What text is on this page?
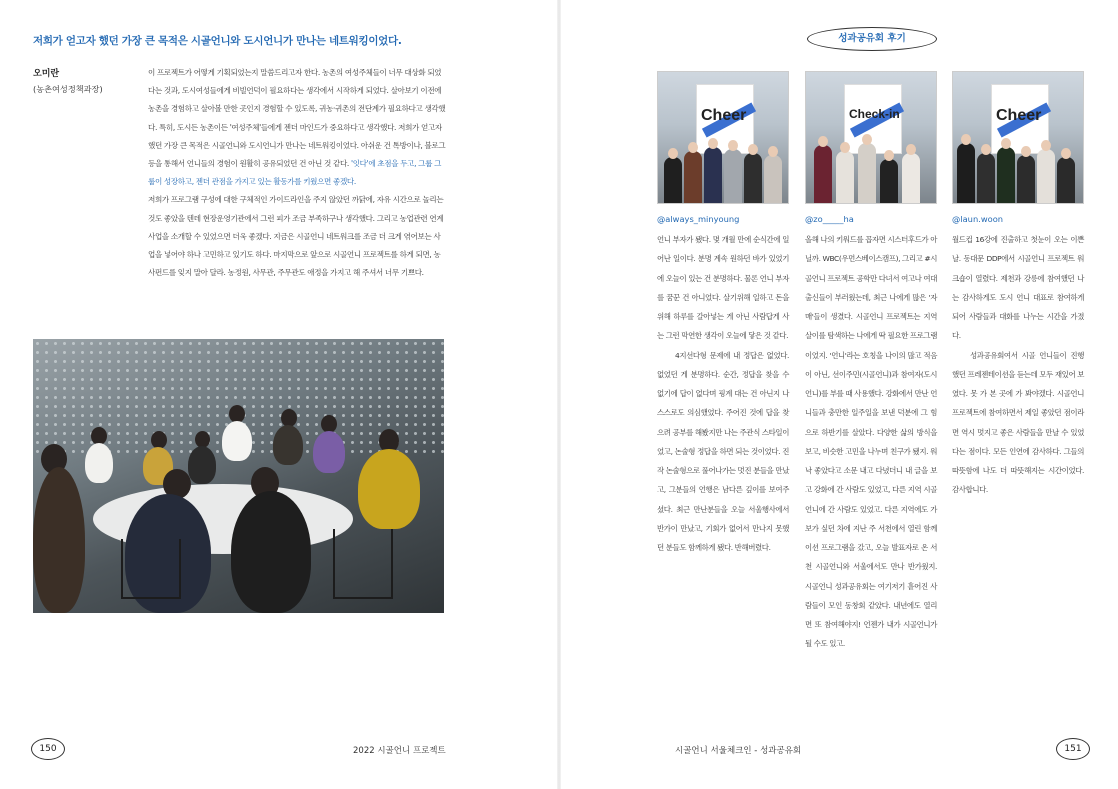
저희가 얻고자 했던 가장 큰 목적은 시골언니와 도시언니가 만나는 네트워킹이었다.
오미란
(농촌여성정책과장)

이 프로젝트가 어떻게 기획되었는지 말씀드리고자 한다. 농촌의 여성주체들이 너무 대상화 되었다는 것과, 도시여성들에게 비빌언덕이 필요하다는 생각에서 시작하게 되었다. 살아보기 이전에 농촌을 경험하고 살아볼 만한 곳인지 경험할 수 있도록, 귀농·귀촌의 전단계가 필요하다고 생각했다. 특히, 도시든 농촌이든 '여성주체'들에게 젠더 마인드가 중요하다고 생각했다. 저희가 얻고자 했던 가장 큰 목적은 시골언니와 도시언니가 만나는 네트워킹이었다. 아쉬운 건 톡방이나, 블로그 등을 통해서 언니들의 경험이 원활히 공유되었던 건 아닌 것 같다. '잇다'에 초점을 두고, 그룹 그룹이 성장하고, 젠더 관점을 가지고 있는 활동가를 키웠으면 좋겠다.

저희가 프로그램 구성에 대한 구체적인 가이드라인을 주지 않았던 까닭에, 자유 시간으로 놀리는 것도 좋았을 텐데 현장운영기관에서 그런 피가 조금 부족하구나 생각했다. 그리고 농업관련 연계 사업을 소개할 수 있었으면 더욱 좋겠다. 지금은 시골언니 네트워크를 조금 더 크게 엮어보는 사업을 넣어야 하나 고민하고 있기도 하다. 마지막으로 앞으로 시골언니 프로젝트를 하게 되면, 농사펀드를 잊지 말아 달라. 농정원, 사무관, 주무관도 애정을 가지고 해 주셔서 너무 기쁘다.

150	2022 시골언니 프로젝트
성과공유회 후기
Cheer
@always_minyoung
언니 부자가 됐다. 몇 개월 만에 순식간에 일어난 일이다. 분명 계속 원하던 바가 있었기에 오늘이 있는 건 분명하다. 물론 언니 부자를 꿈꾼 건 아니었다. 살기위해 일하고 돈을 위해 하루를 갈아넣는 게 아닌 사람답게 사는 그런 막연한 생각이 오늘에 닿은 것 같다.
4지선다형 문제에 내 정답은 없었다. 없었던 게 분명하다. 순간, 정답을 찾을 수 없기에 답이 없다며 핑계 대는 건 아닌지 나 스스로도 의심했었다. 주어진 것에 답을 찾으려 공부를 해봤지만 나는 주관식 스타일이었고, 논술형 정답을 하면 되는 것이었다. 진작 논술형으로 풀어나가는 멋진 분들을 만났고, 그분들의 언행은 남다른 깊이를 보여주셨다. 최근 만난분들을 오늘 서울행사에서 반가이 만났고, 기회가 없어서 만나지 못했던 분들도 함께하게 됐다. 반해버렸다.
Check-in
@zo_____ha
올해 나의 키워드를 꼽자면 시스터후드가 아닐까. WBC(우먼스베이스캠프), 그리고 #시골언니 프로젝트 공학만 다녀서 여고나 여대 출신들이 부러웠는데, 최근 나에게 많은 '자매'들이 생겼다. 시골언니 프로젝트는 지역살이를 탐색하는 나에게 딱 필요한 프로그램이었지. '언니'라는 호칭을 나이의 많고 적음이 아닌, 선이주민(시골언니)과 참여자(도시언니)를 부를 때 사용했다. 강화에서 만난 언니들과 충만한 일주일을 보낸 덕분에 그 힘으로 하반기를 살았다. 다양한 삶의 방식을 보고, 비슷한 고민을 나누며 친구가 됐지. 워낙 좋았다고 소문 내고 다녔더니 내 글을 보고 강화에 간 사람도 있었고, 다른 지역 시골언니에 간 사람도 있었고. 다른 지역에도 가보가 싶던 차에 지난 주 서천에서 열린 함께이션 프로그램을 갔고, 오늘 발표자로 온 서천 시골언니와 서울에서도 만나 반가웠지. 시골언니 성과공유회는 여기저기 흩어진 사람들이 모인 동창회 같았다. 내년에도 열리면 또 참여해야지! 언젠가 내가 시골언니가 될 수도 있고.
Cheer
@laun.woon
월드컵 16강에 진출하고 첫눈이 오는 이쁜 날. 동대문 DDP에서 시골언니 프로젝트 워크숍이 열렸다. 제천과 강릉에 참여했던 나는 감사하게도 도시 언니 대표로 참여하게 되어 사람들과 대화를 나누는 시간을 가졌다.
성과공유회여서 시골 언니들이 진행했던 프레젠테이션을 듣는데 모두 재있어 보였다. 못 가 본 곳에 가 봐야겠다. 시골언니 프로젝트에 참여하면서 제일 좋았던 점이라면 역시 멋지고 좋은 사람들을 만날 수 있었다는 점이다. 모든 인연에 감사하다. 그들의 따뜻함에 나도 더 따뜻해지는 시간이었다. 감사합니다.
시골언니 서울체크인 - 성과공유회	151
